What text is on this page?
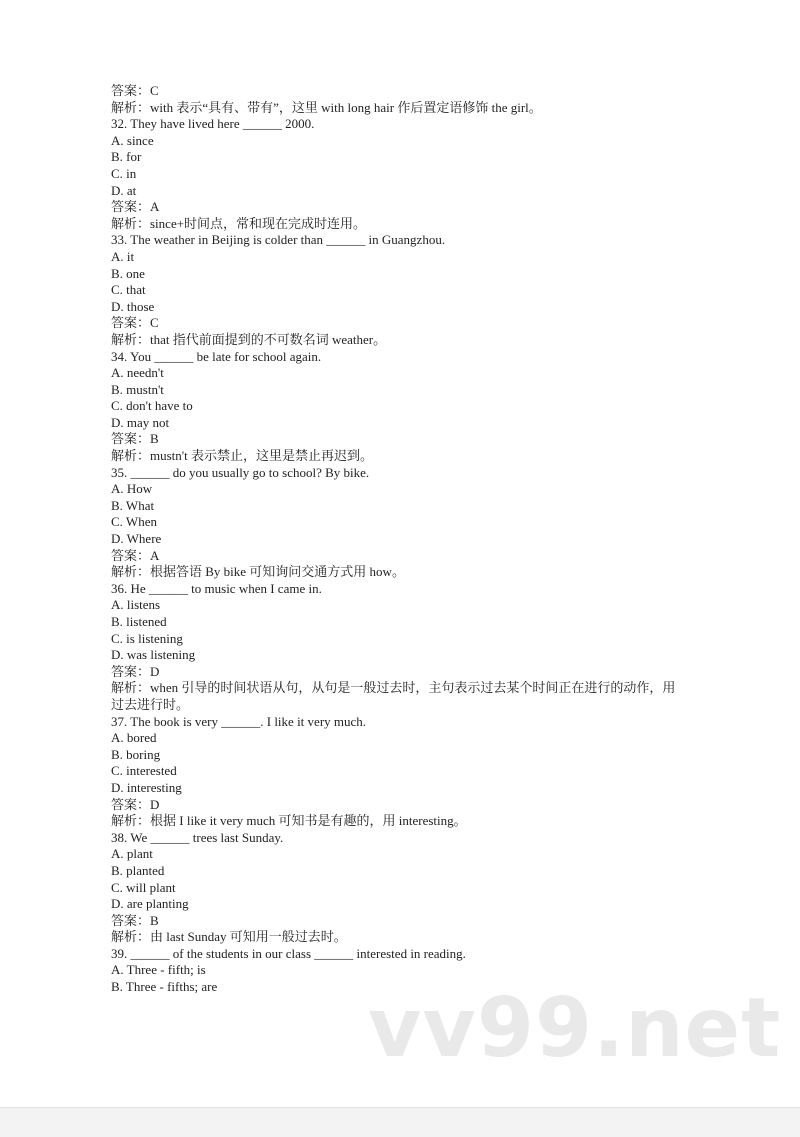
答案：C

解析：with 表示“具有、带有”，这里 with long hair 作后置定语修饰 the girl。

32. They have lived here ______ 2000.

A. since

B. for

C. in

D. at

答案：A

解析：since+时间点，常和现在完成时连用。

33. The weather in Beijing is colder than ______ in Guangzhou.

A. it

B. one

C. that

D. those

答案：C

解析：that 指代前面提到的不可数名词 weather。

34. You ______ be late for school again.

A. needn't

B. mustn't

C. don't have to

D. may not

答案：B

解析：mustn't 表示禁止，这里是禁止再迟到。

35. ______ do you usually go to school? By bike.

A. How

B. What

C. When

D. Where

答案：A

解析：根据答语 By bike 可知询问交通方式用 how。

36. He ______ to music when I came in.

A. listens

B. listened

C. is listening

D. was listening

答案：D

解析：when 引导的时间状语从句，从句是一般过去时，主句表示过去某个时间正在进行的动作，用过去进行时。

37. The book is very ______. I like it very much.

A. bored

B. boring

C. interested

D. interesting

答案：D

解析：根据 I like it very much 可知书是有趣的，用 interesting。

38. We ______ trees last Sunday.

A. plant

B. planted

C. will plant

D. are planting

答案：B

解析：由 last Sunday 可知用一般过去时。

39. ______ of the students in our class ______ interested in reading.

A. Three - fifth; is

B. Three - fifths; are	vv99.net
